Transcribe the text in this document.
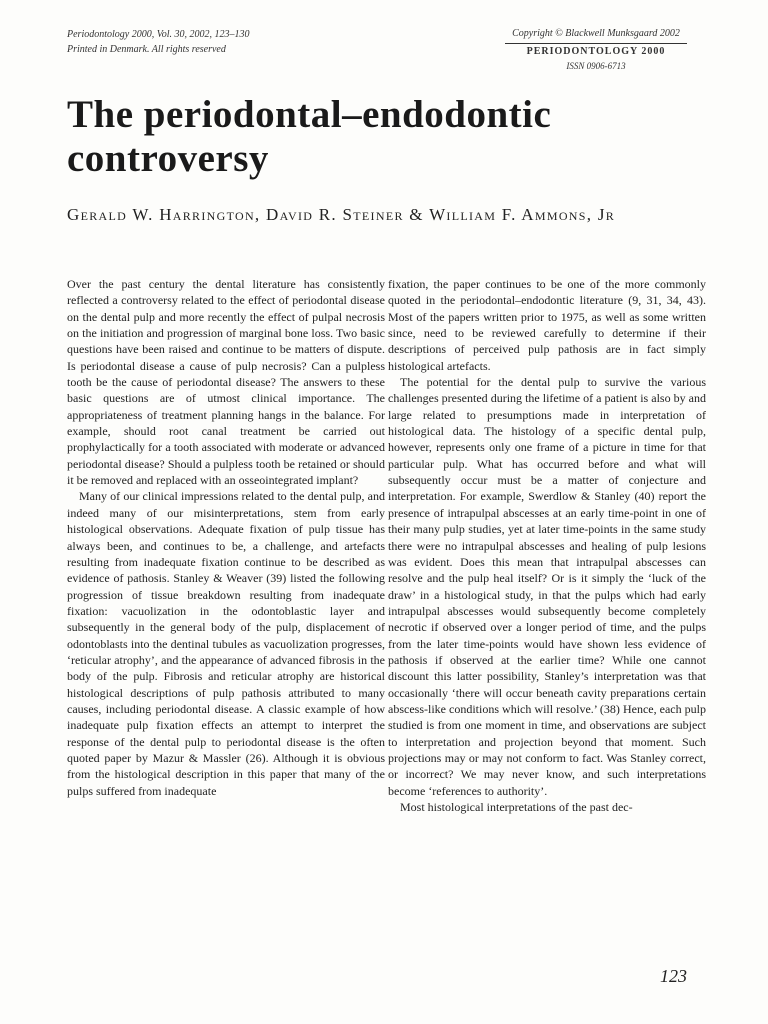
Periodontology 2000, Vol. 30, 2002, 123–130
Printed in Denmark. All rights reserved
Copyright © Blackwell Munksgaard 2002
PERIODONTOLOGY 2000
ISSN 0906-6713
The periodontal–endodontic controversy
Gerald W. Harrington, David R. Steiner & William F. Ammons, Jr

Over the past century the dental literature has consistently reflected a controversy related to the effect of periodontal disease on the dental pulp and more recently the effect of pulpal necrosis on the initiation and progression of marginal bone loss. Two basic questions have been raised and continue to be matters of dispute. Is periodontal disease a cause of pulp necrosis? Can a pulpless tooth be the cause of periodontal disease? The answers to these basic questions are of utmost clinical importance. The appropriateness of treatment planning hangs in the balance. For example, should root canal treatment be carried out prophylactically for a tooth associated with moderate or advanced periodontal disease? Should a pulpless tooth be retained or should it be removed and replaced with an osseointegrated implant?

Many of our clinical impressions related to the dental pulp, and indeed many of our misinterpretations, stem from early histological observations. Adequate fixation of pulp tissue has always been, and continues to be, a challenge, and artefacts resulting from inadequate fixation continue to be described as evidence of pathosis. Stanley & Weaver (39) listed the following progression of tissue breakdown resulting from inadequate fixation: vacuolization in the odontoblastic layer and subsequently in the general body of the pulp, displacement of odontoblasts into the dentinal tubules as vacuolization progresses, ‘reticular atrophy’, and the appearance of advanced fibrosis in the body of the pulp. Fibrosis and reticular atrophy are historical histological descriptions of pulp pathosis attributed to many causes, including periodontal disease. A classic example of how inadequate pulp fixation effects an attempt to interpret the response of the dental pulp to periodontal disease is the often quoted paper by Mazur & Massler (26). Although it is obvious from the histological description in this paper that many of the pulps suffered from inadequate

fixation, the paper continues to be one of the more commonly quoted in the periodontal–endodontic literature (9, 31, 34, 43). Most of the papers written prior to 1975, as well as some written since, need to be reviewed carefully to determine if their descriptions of perceived pulp pathosis are in fact simply histological artefacts.

The potential for the dental pulp to survive the various challenges presented during the lifetime of a patient is also by and large related to presumptions made in interpretation of histological data. The histology of a specific dental pulp, however, represents only one frame of a picture in time for that particular pulp. What has occurred before and what will subsequently occur must be a matter of conjecture and interpretation. For example, Swerdlow & Stanley (40) report the presence of intrapulpal abscesses at an early time-point in one of their many pulp studies, yet at later time-points in the same study there were no intrapulpal abscesses and healing of pulp lesions was evident. Does this mean that intrapulpal abscesses can resolve and the pulp heal itself? Or is it simply the ‘luck of the draw’ in a histological study, in that the pulps which had early intrapulpal abscesses would subsequently become completely necrotic if observed over a longer period of time, and the pulps from the later time-points would have shown less evidence of pathosis if observed at the earlier time? While one cannot discount this latter possibility, Stanley’s interpretation was that occasionally ‘there will occur beneath cavity preparations certain abscess-like conditions which will resolve.’ (38) Hence, each pulp studied is from one moment in time, and observations are subject to interpretation and projection beyond that moment. Such projections may or may not conform to fact. Was Stanley correct, or incorrect? We may never know, and such interpretations become ‘references to authority’.

Most histological interpretations of the past dec-

123
